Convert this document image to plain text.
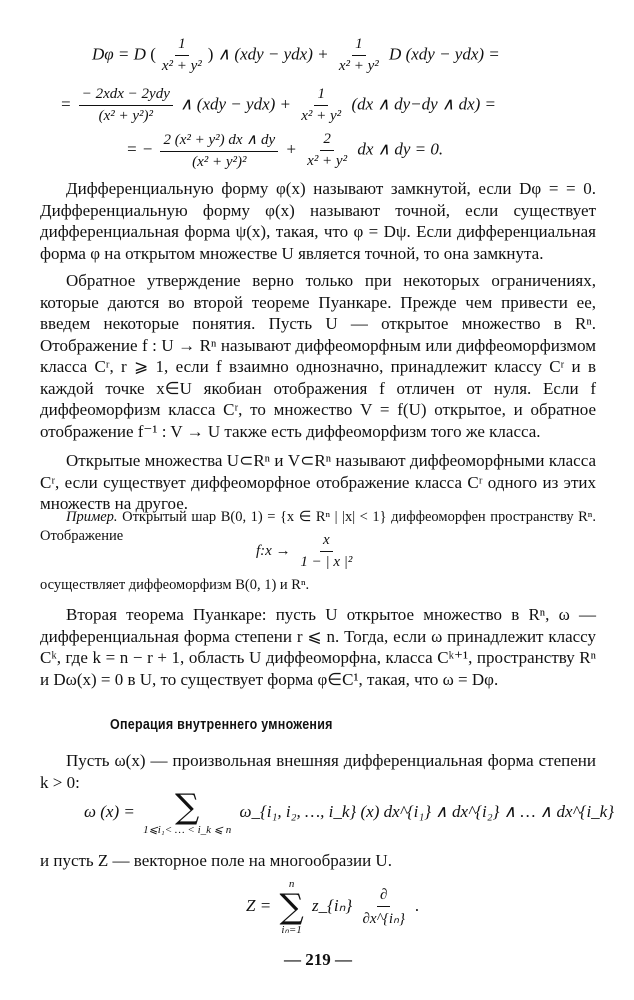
Dφ = D ( $\frac{1}{\text{x² + y²}}$ ) ∧ $(xdy - ydx) + \frac{1}{\text{x² + y²}}$ D (xdy − ydx) =
= $\frac{\text{− 2xdx − 2ydy}}{\text{(x² + y²)²}}$ ∧ $(xdy - ydx) + \frac{1}{\text{x² + y²}} (dx$ ∧ dy−dy ∧ dx) =
= − $\frac{\text{2 (x² + y²) dx ∧ dy}}{\text{(x² + y²)²}} + \frac{2}{\text{x² + y²}}$ dx ∧ dy = 0.

Дифференциальную форму φ(x) называют замкнутой, если Dφ = = 0. Дифференциальную форму φ(x) называют точной, если существует дифференциальная форма ψ(x), такая, что φ = Dψ. Если дифференциальная форма φ на открытом множестве U является точной, то она замкнута.

Обратное утверждение верно только при некоторых ограничениях, которые даются во второй теореме Пуанкаре. Прежде чем привести ее, введем некоторые понятия. Пусть U — открытое множество в Rⁿ. Отображение f : U → Rⁿ называют диффеоморфным или диффеоморфизмом класса Cʳ, r ⩾ 1, если f взаимно однозначно, принадлежит классу Cʳ и в каждой точке x∈U якобиан отображения f отличен от нуля. Если f диффеоморфизм класса Cʳ, то множество V = f(U) открытое, и обратное отображение f⁻¹ : V → U также есть диффеоморфизм того же класса.

Открытые множества U⊂Rⁿ и V⊂Rⁿ называют диффеоморфными класса Cʳ, если существует диффеоморфное отображение класса Cʳ одного из этих множеств на другое.

Пример. Открытый шар B(0, 1) = {x ∈ Rⁿ | |x| < 1} диффеоморфен пространству Rⁿ. Отображение
f:x → $\frac{x}{\text{1 − | x |²}}$

осуществляет диффеоморфизм B(0, 1) и Rⁿ.

Вторая теорема Пуанкаре: пусть U открытое множество в Rⁿ, ω — дифференциальная форма степени r ⩽ n. Тогда, если ω принадлежит классу Cᵏ, где k = n − r + 1, область U диффеоморфна, класса Cᵏ⁺¹, пространству Rⁿ и Dω(x) = 0 в U, то существует форма φ∈C¹, такая, что ω = Dφ.

Операция внутреннего умножения

Пусть ω(x) — произвольная внешняя дифференциальная форма степени k > 0:

ω (x) = ∑
1⩽i₁< … < i_k ⩽ n
ω_{i₁, i₂, …, i_k} (x) dx^{i₁} ∧ dx^{i₂} ∧ … ∧ dx^{i_k}

и пусть Z — векторное поле на многообразии U.

Z =
n
∑
iₙ=1
z_{iₙ} $\frac{\partial}{\text{∂x\textasciicircum{}\{iₙ\}}}$ .
— 219 —
